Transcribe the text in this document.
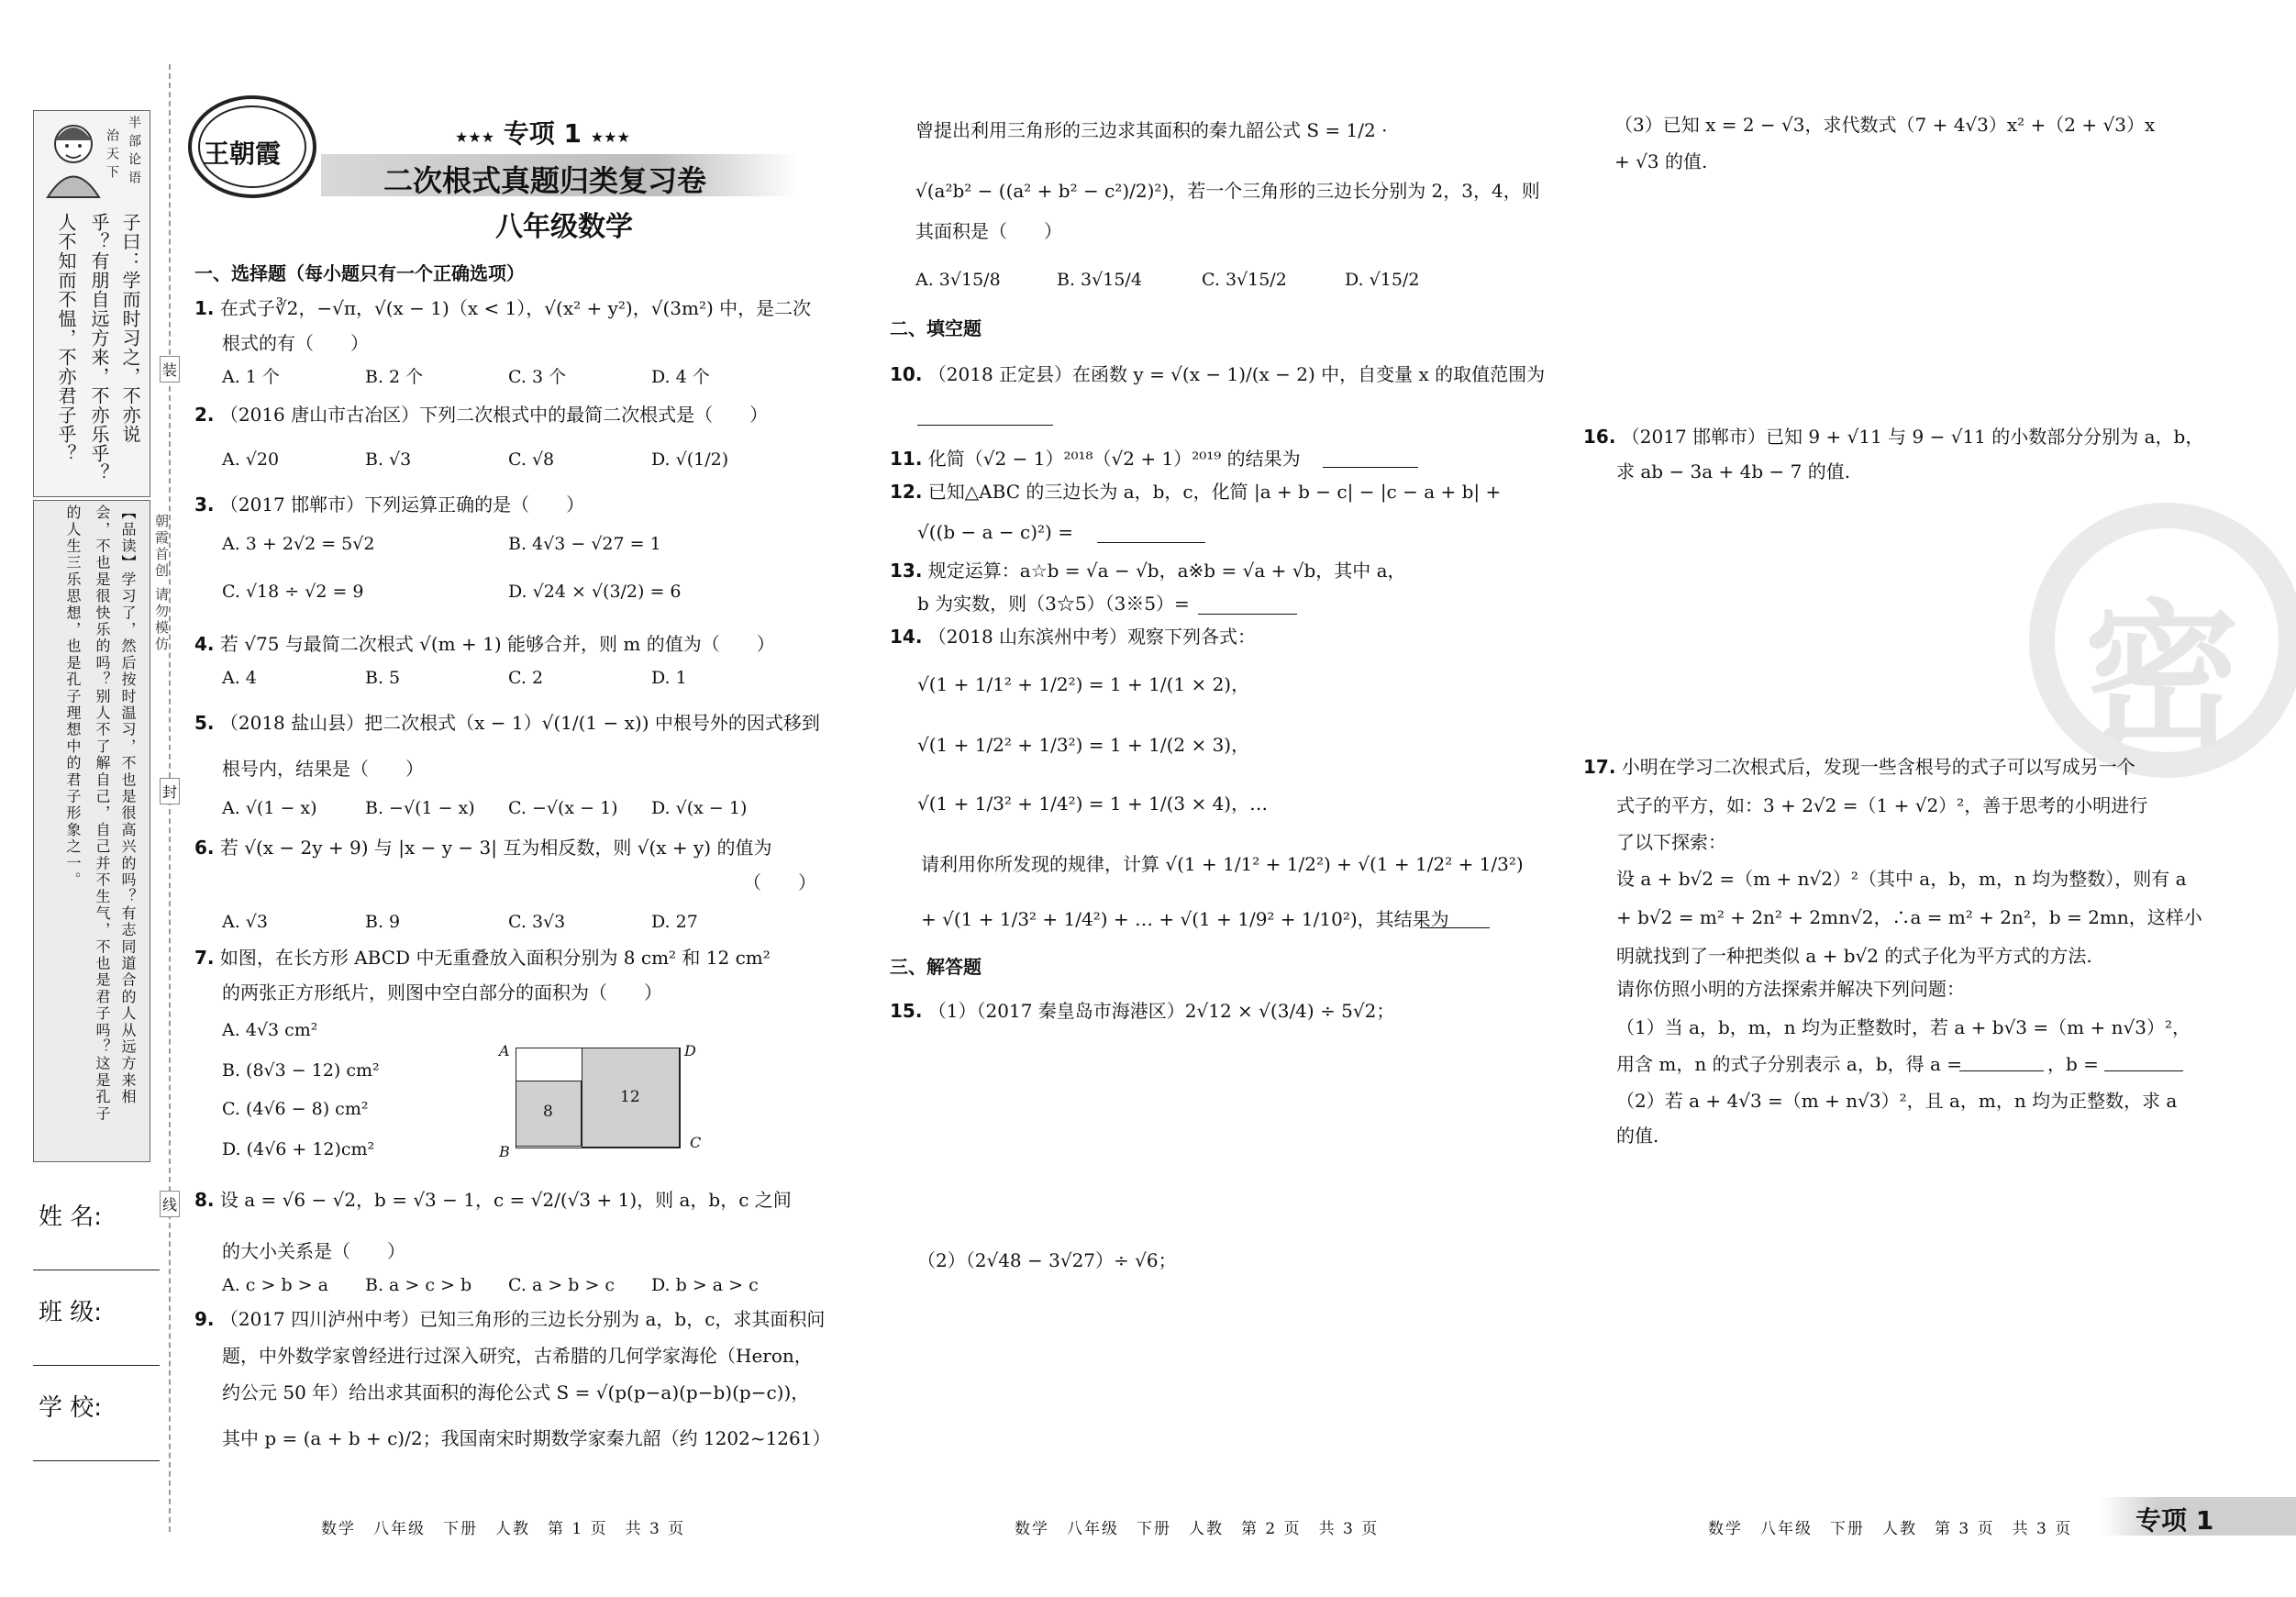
半部论语
治天下
子曰：学而时习之，不亦说
乎？有朋自远方来，不亦乐乎？
人不知而不愠，不亦君子乎？
【品读】学习了，然后按时温习，不也是很高兴的吗？有志同道合的人从远方来相
会，不也是很快乐的吗？别人不了解自己，自己并不生气，不也是君子吗？这是孔子
的人生三乐思想，也是孔子理想中的君子形象之一。
装
封
线
朝霞首创 请勿模仿
姓 名:
班 级:
学 校:
王朝霞
★★★ 专项 1 ★★★
二次根式真题归类复习卷
八年级数学
一、选择题（每小题只有一个正确选项）
1. 在式子∛2，−√π，√(x − 1)（x < 1），√(x² + y²)，√(3m²) 中，是二次
根式的有（　　）
A. 1 个	B. 2 个	C. 3 个	D. 4 个
2. （2016 唐山市古冶区）下列二次根式中的最简二次根式是（　　）
A. √20	B. √3	C. √8	D. √(1/2)
3. （2017 邯郸市）下列运算正确的是（　　）
A. 3 + 2√2 = 5√2	B. 4√3 − √27 = 1
C. √18 ÷ √2 = 9	D. √24 × √(3/2) = 6
4. 若 √75 与最简二次根式 √(m + 1) 能够合并，则 m 的值为（　　）
A. 4	B. 5	C. 2	D. 1
5. （2018 盐山县）把二次根式（x − 1）√(1/(1 − x)) 中根号外的因式移到
根号内，结果是（　　）
A. √(1 − x)	B. −√(1 − x) C. −√(x − 1) D. √(x − 1)
6. 若 √(x − 2y + 9) 与 |x − y − 3| 互为相反数，则 √(x + y) 的值为
（　　）
A. √3	B. 9	C. 3√3	D. 27
7. 如图，在长方形 ABCD 中无重叠放入面积分别为 8 cm² 和 12 cm²
的两张正方形纸片，则图中空白部分的面积为（　　）
A. 4√3 cm²
B. (8√3 − 12) cm²
C. (4√6 − 8) cm²
D. (4√6 + 12)cm²
8
12
A	D
B
C
8. 设 a = √6 − √2，b = √3 − 1，c = √2/(√3 + 1)，则 a，b，c 之间
的大小关系是（　　）
A. c > b > a B. a > c > b C. a > b > c D. b > a > c
9. （2017 四川泸州中考）已知三角形的三边长分别为 a，b，c，求其面积问
题，中外数学家曾经进行过深入研究，古希腊的几何学家海伦（Heron，
约公元 50 年）给出求其面积的海伦公式 S = √(p(p−a)(p−b)(p−c))，
其中 p = (a + b + c)/2；我国南宋时期数学家秦九韶（约 1202~1261）
曾提出利用三角形的三边求其面积的秦九韶公式 S = 1/2 ·
√(a²b² − ((a² + b² − c²)/2)²)，若一个三角形的三边长分别为 2，3，4，则
其面积是（　　）
A. 3√15/8	B. 3√15/4	C. 3√15/2	D. √15/2
二、填空题
10. （2018 正定县）在函数 y = √(x − 1)/(x − 2) 中，自变量 x 的取值范围为
11. 化简（√2 − 1）²⁰¹⁸（√2 + 1）²⁰¹⁹ 的结果为
12. 已知△ABC 的三边长为 a，b，c，化简 |a + b − c| − |c − a + b| +
√((b − a − c)²) =
13. 规定运算：a☆b = √a − √b，a※b = √a + √b，其中 a，
b 为实数，则（3☆5）（3※5）=
14. （2018 山东滨州中考）观察下列各式：
√(1 + 1/1² + 1/2²) = 1 + 1/(1 × 2)，
√(1 + 1/2² + 1/3²) = 1 + 1/(2 × 3)，
√(1 + 1/3² + 1/4²) = 1 + 1/(3 × 4)，…
请利用你所发现的规律，计算 √(1 + 1/1² + 1/2²) + √(1 + 1/2² + 1/3²)
+ √(1 + 1/3² + 1/4²) + … + √(1 + 1/9² + 1/10²)，其结果为
三、解答题
15. （1）（2017 秦皇岛市海港区）2√12 × √(3/4) ÷ 5√2；
（2）（2√48 − 3√27）÷ √6；
密
（3）已知 x = 2 − √3，求代数式（7 + 4√3）x² +（2 + √3）x
+ √3 的值.
16. （2017 邯郸市）已知 9 + √11 与 9 − √11 的小数部分分别为 a，b，
求 ab − 3a + 4b − 7 的值.
17. 小明在学习二次根式后，发现一些含根号的式子可以写成另一个
式子的平方，如：3 + 2√2 =（1 + √2）²，善于思考的小明进行
了以下探索：
设 a + b√2 =（m + n√2）²（其中 a，b，m，n 均为整数），则有 a
+ b√2 = m² + 2n² + 2mn√2，∴a = m² + 2n²，b = 2mn，这样小
明就找到了一种把类似 a + b√2 的式子化为平方式的方法.
请你仿照小明的方法探索并解决下列问题：
（1）当 a，b，m，n 均为正整数时，若 a + b√3 =（m + n√3）²，
用含 m，n 的式子分别表示 a，b，得 a =	，b =
（2）若 a + 4√3 =（m + n√3）²，且 a，m，n 均为正整数，求 a
的值.
数学　八年级　下册　人教　第 1 页　共 3 页	数学　八年级　下册　人教　第 2 页　共 3 页	数学　八年级　下册　人教　第 3 页　共 3 页 专项 1
